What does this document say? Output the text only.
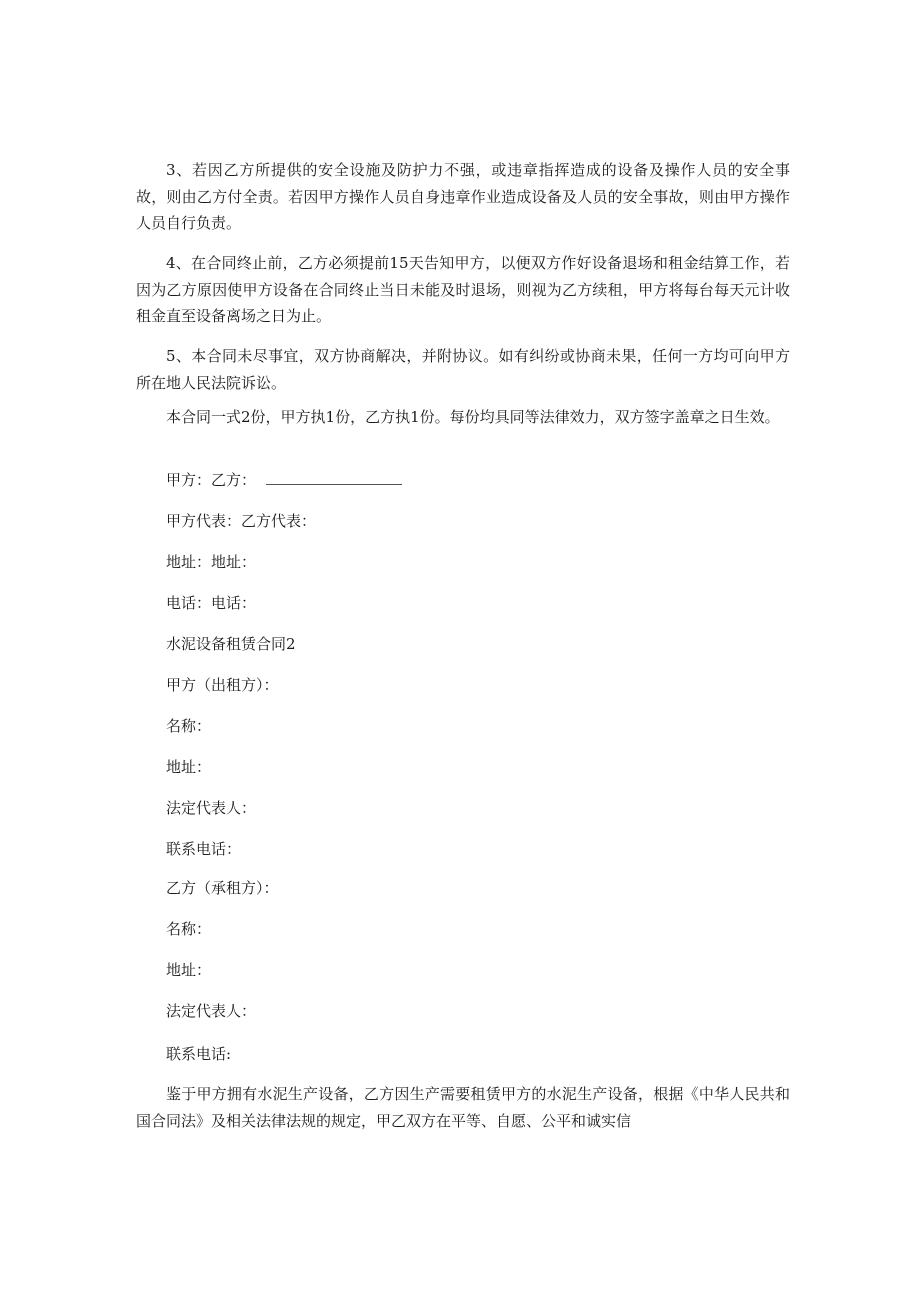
3、若因乙方所提供的安全设施及防护力不强，或违章指挥造成的设备及操作人员的安全事故，则由乙方付全责。若因甲方操作人员自身违章作业造成设备及人员的安全事故，则由甲方操作人员自行负责。

4、在合同终止前，乙方必须提前15天告知甲方，以便双方作好设备退场和租金结算工作，若因为乙方原因使甲方设备在合同终止当日未能及时退场，则视为乙方续租，甲方将每台每天元计收租金直至设备离场之日为止。

5、本合同未尽事宜，双方协商解决，并附协议。如有纠纷或协商未果，任何一方均可向甲方所在地人民法院诉讼。

本合同一式2份，甲方执1份，乙方执1份。每份均具同等法律效力，双方签字盖章之日生效。

甲方：乙方：
甲方代表：乙方代表：
地址：地址：
电话：电话：
水泥设备租赁合同2
甲方（出租方）：
名称：
地址：
法定代表人：
联系电话：
乙方（承租方）：
名称：
地址：
法定代表人：
联系电话:

鉴于甲方拥有水泥生产设备，乙方因生产需要租赁甲方的水泥生产设备，根据《中华人民共和国合同法》及相关法律法规的规定，甲乙双方在平等、自愿、公平和诚实信
